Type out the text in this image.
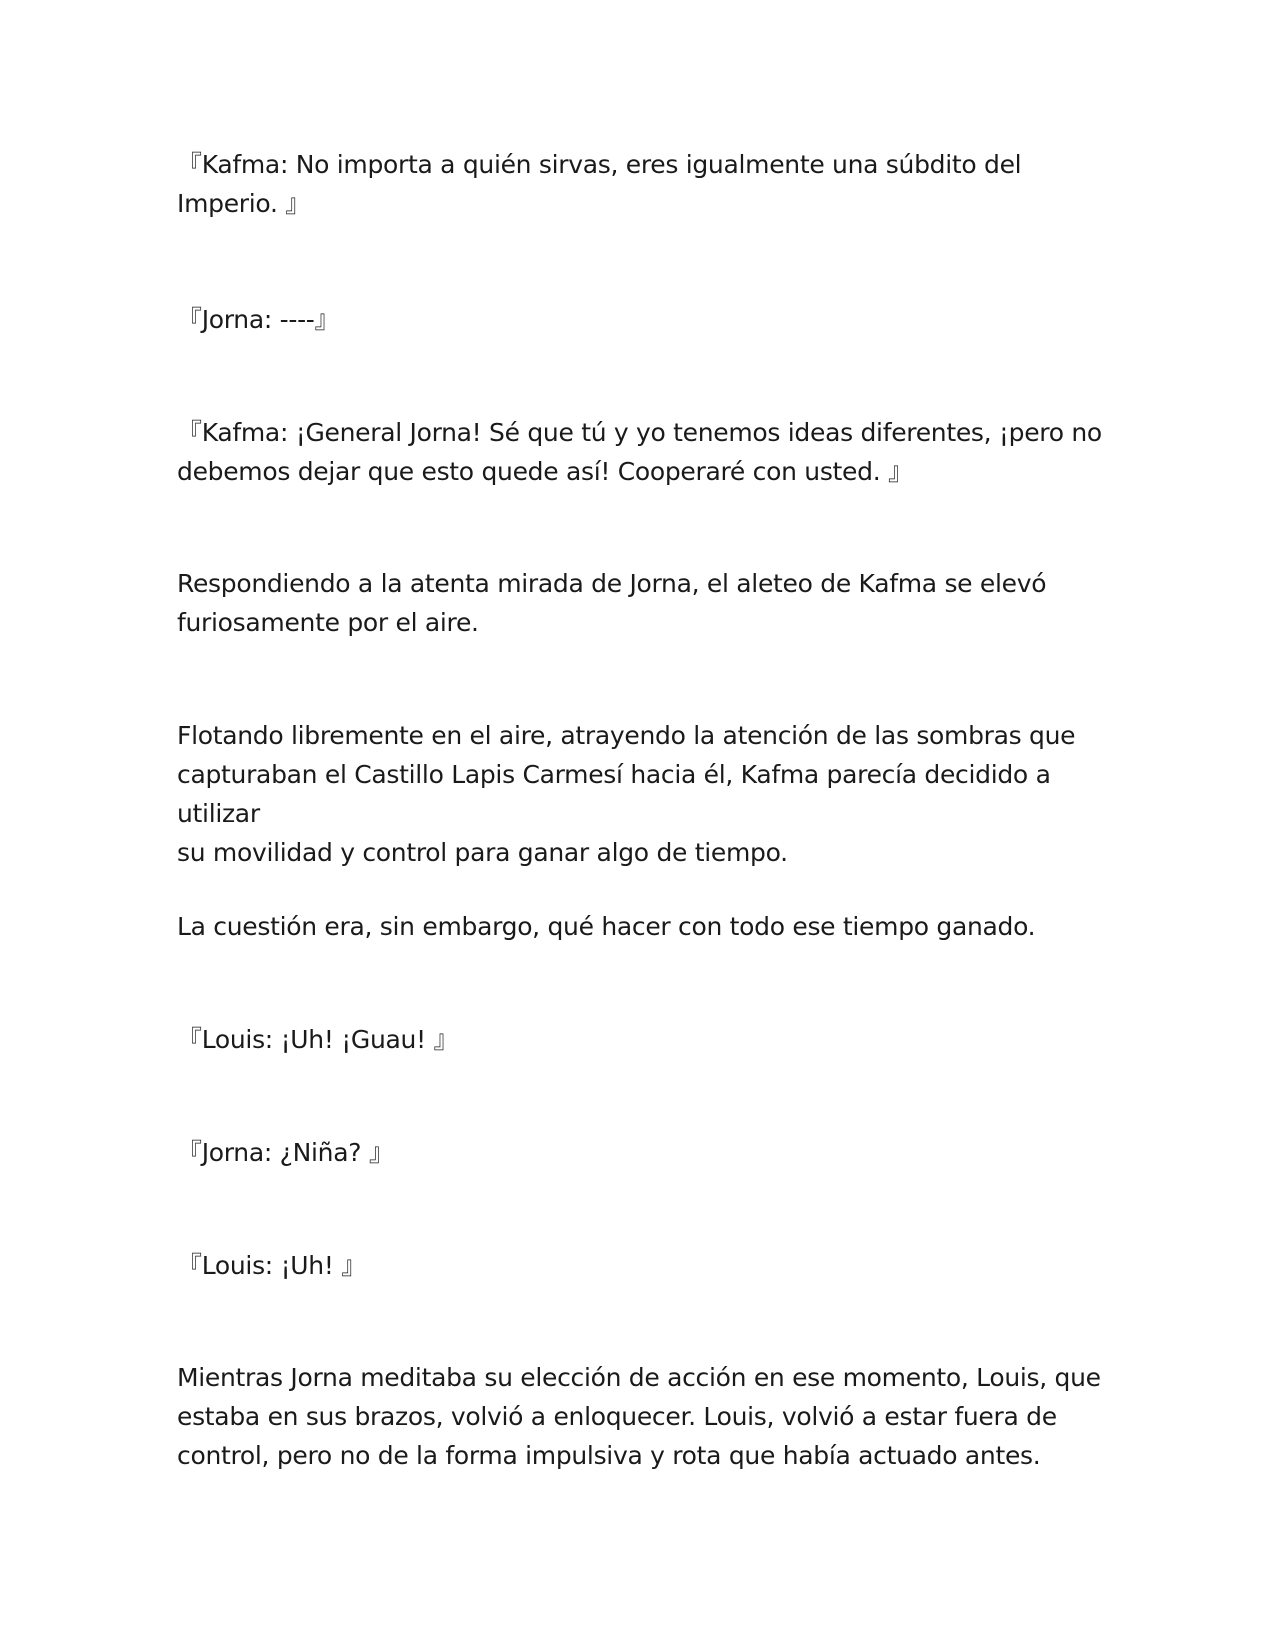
『Kafma: No importa a quién sirvas, eres igualmente una súbdito del
Imperio. 』

『Jorna: ----』

『Kafma: ¡General Jorna! Sé que tú y yo tenemos ideas diferentes, ¡pero no
debemos dejar que esto quede así! Cooperaré con usted. 』

Respondiendo a la atenta mirada de Jorna, el aleteo de Kafma se elevó
furiosamente por el aire.

Flotando libremente en el aire, atrayendo la atención de las sombras que
capturaban el Castillo Lapis Carmesí hacia él, Kafma parecía decidido a utilizar
su movilidad y control para ganar algo de tiempo.

La cuestión era, sin embargo, qué hacer con todo ese tiempo ganado.

『Louis: ¡Uh! ¡Guau! 』

『Jorna: ¿Niña? 』

『Louis: ¡Uh! 』

Mientras Jorna meditaba su elección de acción en ese momento, Louis, que
estaba en sus brazos, volvió a enloquecer. Louis, volvió a estar fuera de
control, pero no de la forma impulsiva y rota que había actuado antes.
